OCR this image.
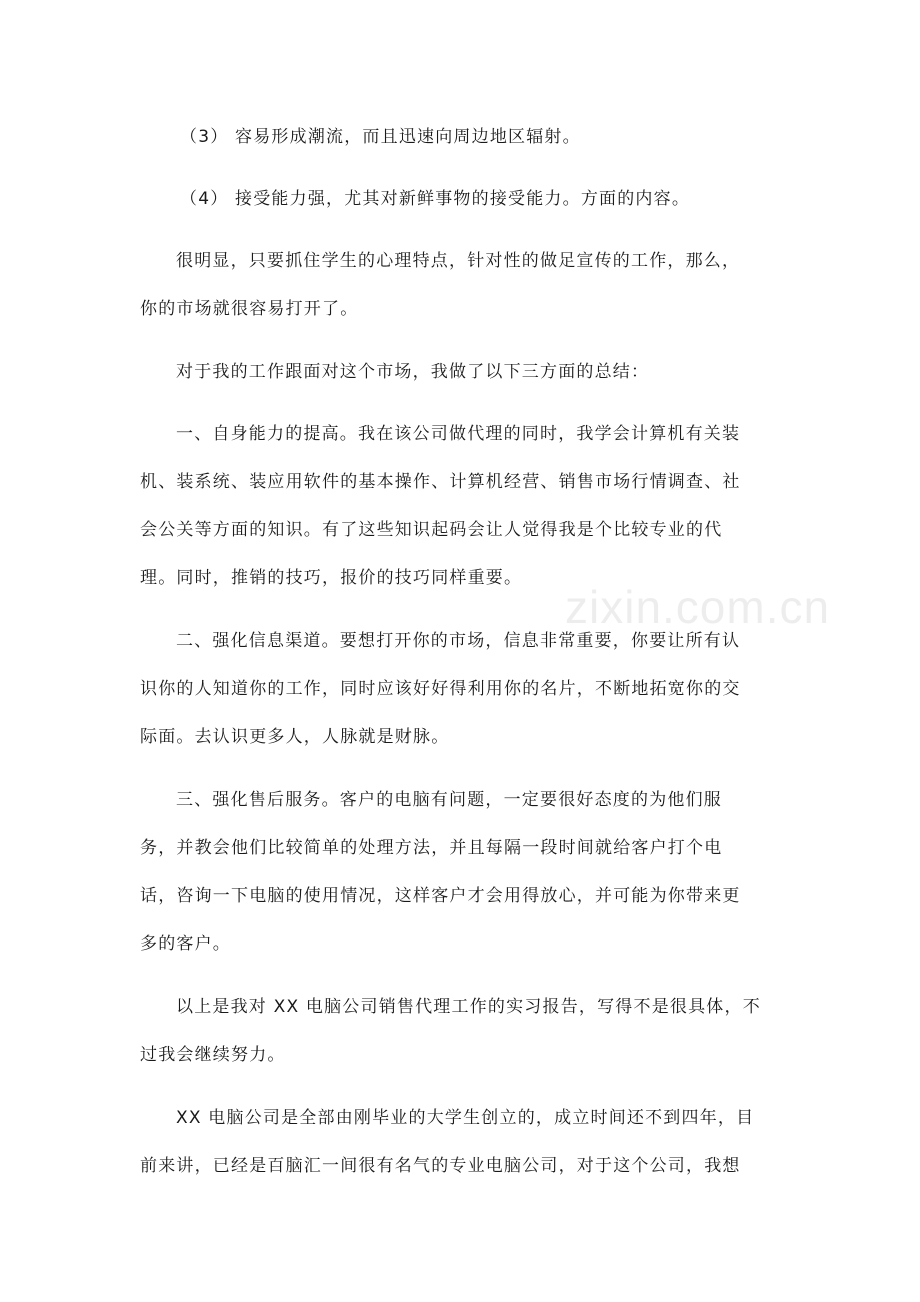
zixin.com.cn
（3） 容易形成潮流，而且迅速向周边地区辐射。
（4） 接受能力强，尤其对新鲜事物的接受能力。方面的内容。
很明显，只要抓住学生的心理特点，针对性的做足宣传的工作，那么，
你的市场就很容易打开了。
对于我的工作跟面对这个市场，我做了以下三方面的总结：
一、自身能力的提高。我在该公司做代理的同时，我学会计算机有关装
机、装系统、装应用软件的基本操作、计算机经营、销售市场行情调查、社
会公关等方面的知识。有了这些知识起码会让人觉得我是个比较专业的代
理。同时，推销的技巧，报价的技巧同样重要。
二、强化信息渠道。要想打开你的市场，信息非常重要，你要让所有认
识你的人知道你的工作，同时应该好好得利用你的名片，不断地拓宽你的交
际面。去认识更多人，人脉就是财脉。
三、强化售后服务。客户的电脑有问题，一定要很好态度的为他们服
务，并教会他们比较简单的处理方法，并且每隔一段时间就给客户打个电
话，咨询一下电脑的使用情况，这样客户才会用得放心，并可能为你带来更
多的客户。
以上是我对 XX 电脑公司销售代理工作的实习报告，写得不是很具体，不
过我会继续努力。
XX 电脑公司是全部由刚毕业的大学生创立的，成立时间还不到四年，目
前来讲，已经是百脑汇一间很有名气的专业电脑公司，对于这个公司，我想
